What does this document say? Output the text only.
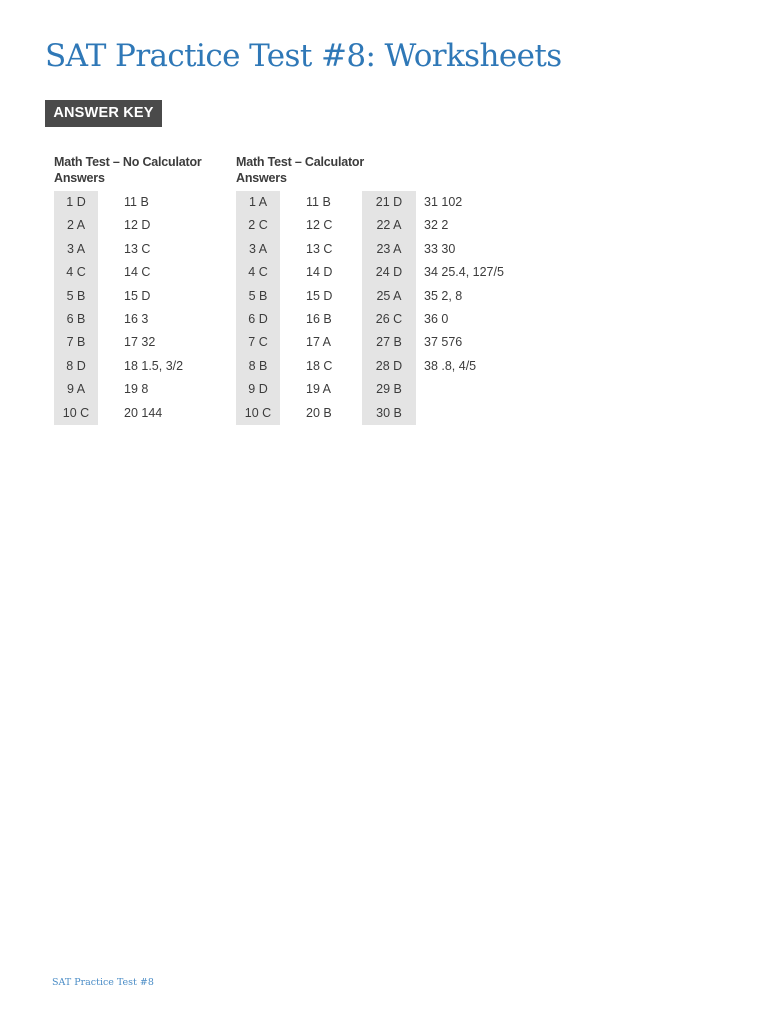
SAT Practice Test #8: Worksheets
ANSWER KEY
Math Test – No Calculator
Answers
Math Test – Calculator
Answers
1 D
2 A
3 A
4 C
5 B
6 B
7 B
8 D
9 A
10 C
11 B
12 D
13 C
14 C
15 D
16 3
17 32
18 1.5, 3/2
19 8
20 144
1 A
2 C
3 A
4 C
5 B
6 D
7 C
8 B
9 D
10 C
11 B
12 C
13 C
14 D
15 D
16 B
17 A
18 C
19 A
20 B
21 D
22 A
23 A
24 D
25 A
26 C
27 B
28 D
29 B
30 B
31 102
32 2
33 30
34 25.4, 127/5
35 2, 8
36 0
37 576
38 .8, 4/5
SAT Practice Test #8
